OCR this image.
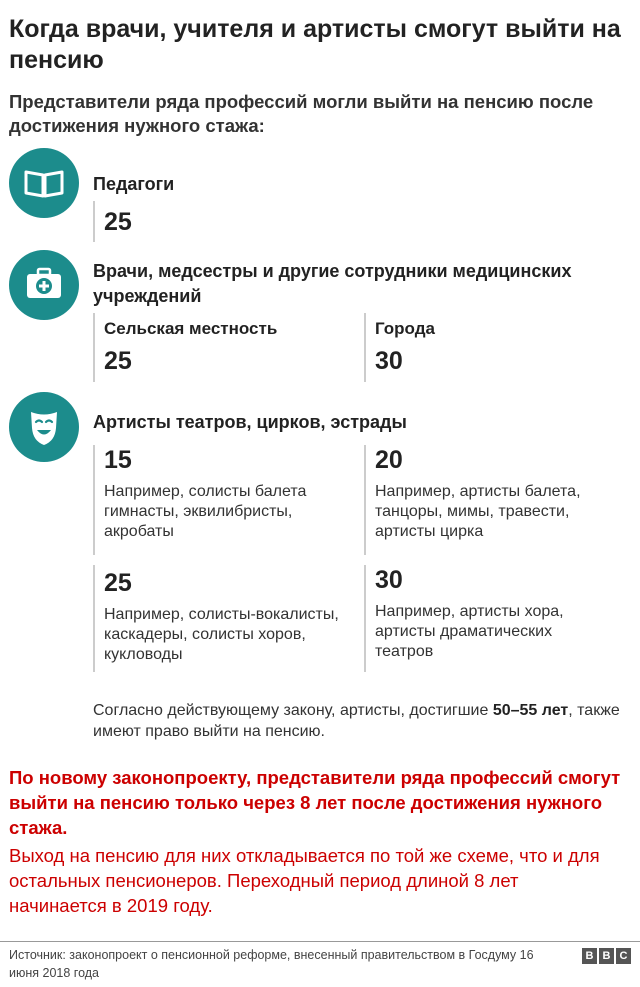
Когда врачи, учителя и артисты смогут выйти на пенсию
Представители ряда профессий могли выйти на пенсию после достижения нужного стажа:
Педагоги
25
Врачи, медсестры и другие сотрудники медицинских учреждений
Сельская местность
25
Города
30
Артисты театров, цирков, эстрады
15
Например, солисты балета гимнасты, эквилибристы, акробаты
20
Например, артисты балета, танцоры, мимы, травести, артисты цирка
25
Например, солисты-вокалисты, каскадеры, солисты хоров, кукловоды
30
Например, артисты хора, артисты драматических театров
Согласно действующему закону, артисты, достигшие 50–55 лет, также имеют право выйти на пенсию.
По новому законопроекту, представители ряда профессий смогут выйти на пенсию только через 8 лет после достижения нужного стажа.
Выход на пенсию для них откладывается по той же схеме, что и для остальных пенсионеров. Переходный период длиной 8 лет начинается в 2019 году.
Источник: законопроект о пенсионной реформе, внесенный правительством в Госдуму 16 июня 2018 года
B B C
